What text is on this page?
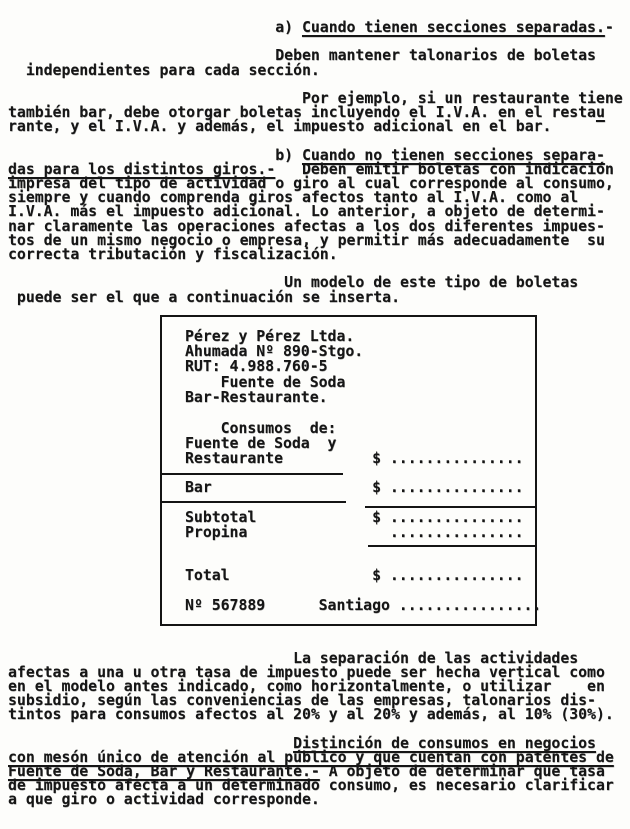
a) Cuando tienen secciones separadas.-

Deben mantener talonarios de boletas
independientes para cada sección.

Por ejemplo, si un restaurante tiene
también bar, debe otorgar boletas incluyendo el I.V.A. en el restau
rante, y el I.V.A. y además, el impuesto adicional en el bar.

b) Cuando no tienen secciones separa-
das para los distintos giros.-   Deben emitir boletas con indicación
impresa del tipo de actividad o giro al cual corresponde al consumo,
siempre y cuando comprenda giros afectos tanto al I.V.A. como al
I.V.A. más el impuesto adicional. Lo anterior, a objeto de determi-
nar claramente las operaciones afectas a los dos diferentes impues-
tos de un mismo negocio o empresa, y permitir más adecuadamente  su
correcta tributación y fiscalización.

Un modelo de este tipo de boletas
puede ser el que a continuación se inserta.
Pérez y Pérez Ltda.
Ahumada Nº 890-Stgo.
RUT: 4.988.760-5
Fuente de Soda
Bar-Restaurante.

Consumos  de:
Fuente de Soda  y
Restaurante          $ ...............
Bar                  $ ...............
Subtotal             $ ...............
Propina                ...............

Total                $ ...............

Nº 567889      Santiago ................
La separación de las actividades
afectas a una u otra tasa de impuesto puede ser hecha vertical como
en el modelo antes indicado, como horizontalmente, o utilizar    en
subsidio, según las conveniencias de las empresas, talonarios dis-
tintos para consumos afectos al 20% y al 20% y además, al 10% (30%).

Distinción de consumos en negocios
con mesón único de atención al público y que cuentan con patentes de
Fuente de Soda, Bar y Restaurante.- A objeto de determinar que tasa
de impuesto afecta a un determinado consumo, es necesario clarificar
a que giro o actividad corresponde.
